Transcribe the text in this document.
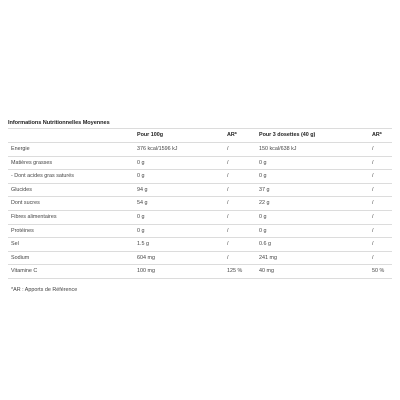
Informations Nutritionnelles Moyennes
	Pour 100g	AR*	Pour 3 dosettes (40 g)	AR*
Energie	376 kcal/1596 kJ	/	150 kcal/638 kJ	/
Matières grasses	0 g	/	0 g	/
- Dont acides gras saturés	0 g	/	0 g	/
Glucides	94 g	/	37 g	/
Dont sucres	54 g	/	22 g	/
Fibres alimentaires	0 g	/	0 g	/
Protéines	0 g	/	0 g	/
Sel	1.5 g	/	0.6 g	/
Sodium	604 mg	/	241 mg	/
Vitamine C	100 mg	125 %	40 mg	50 %
*AR : Apports de Référence
